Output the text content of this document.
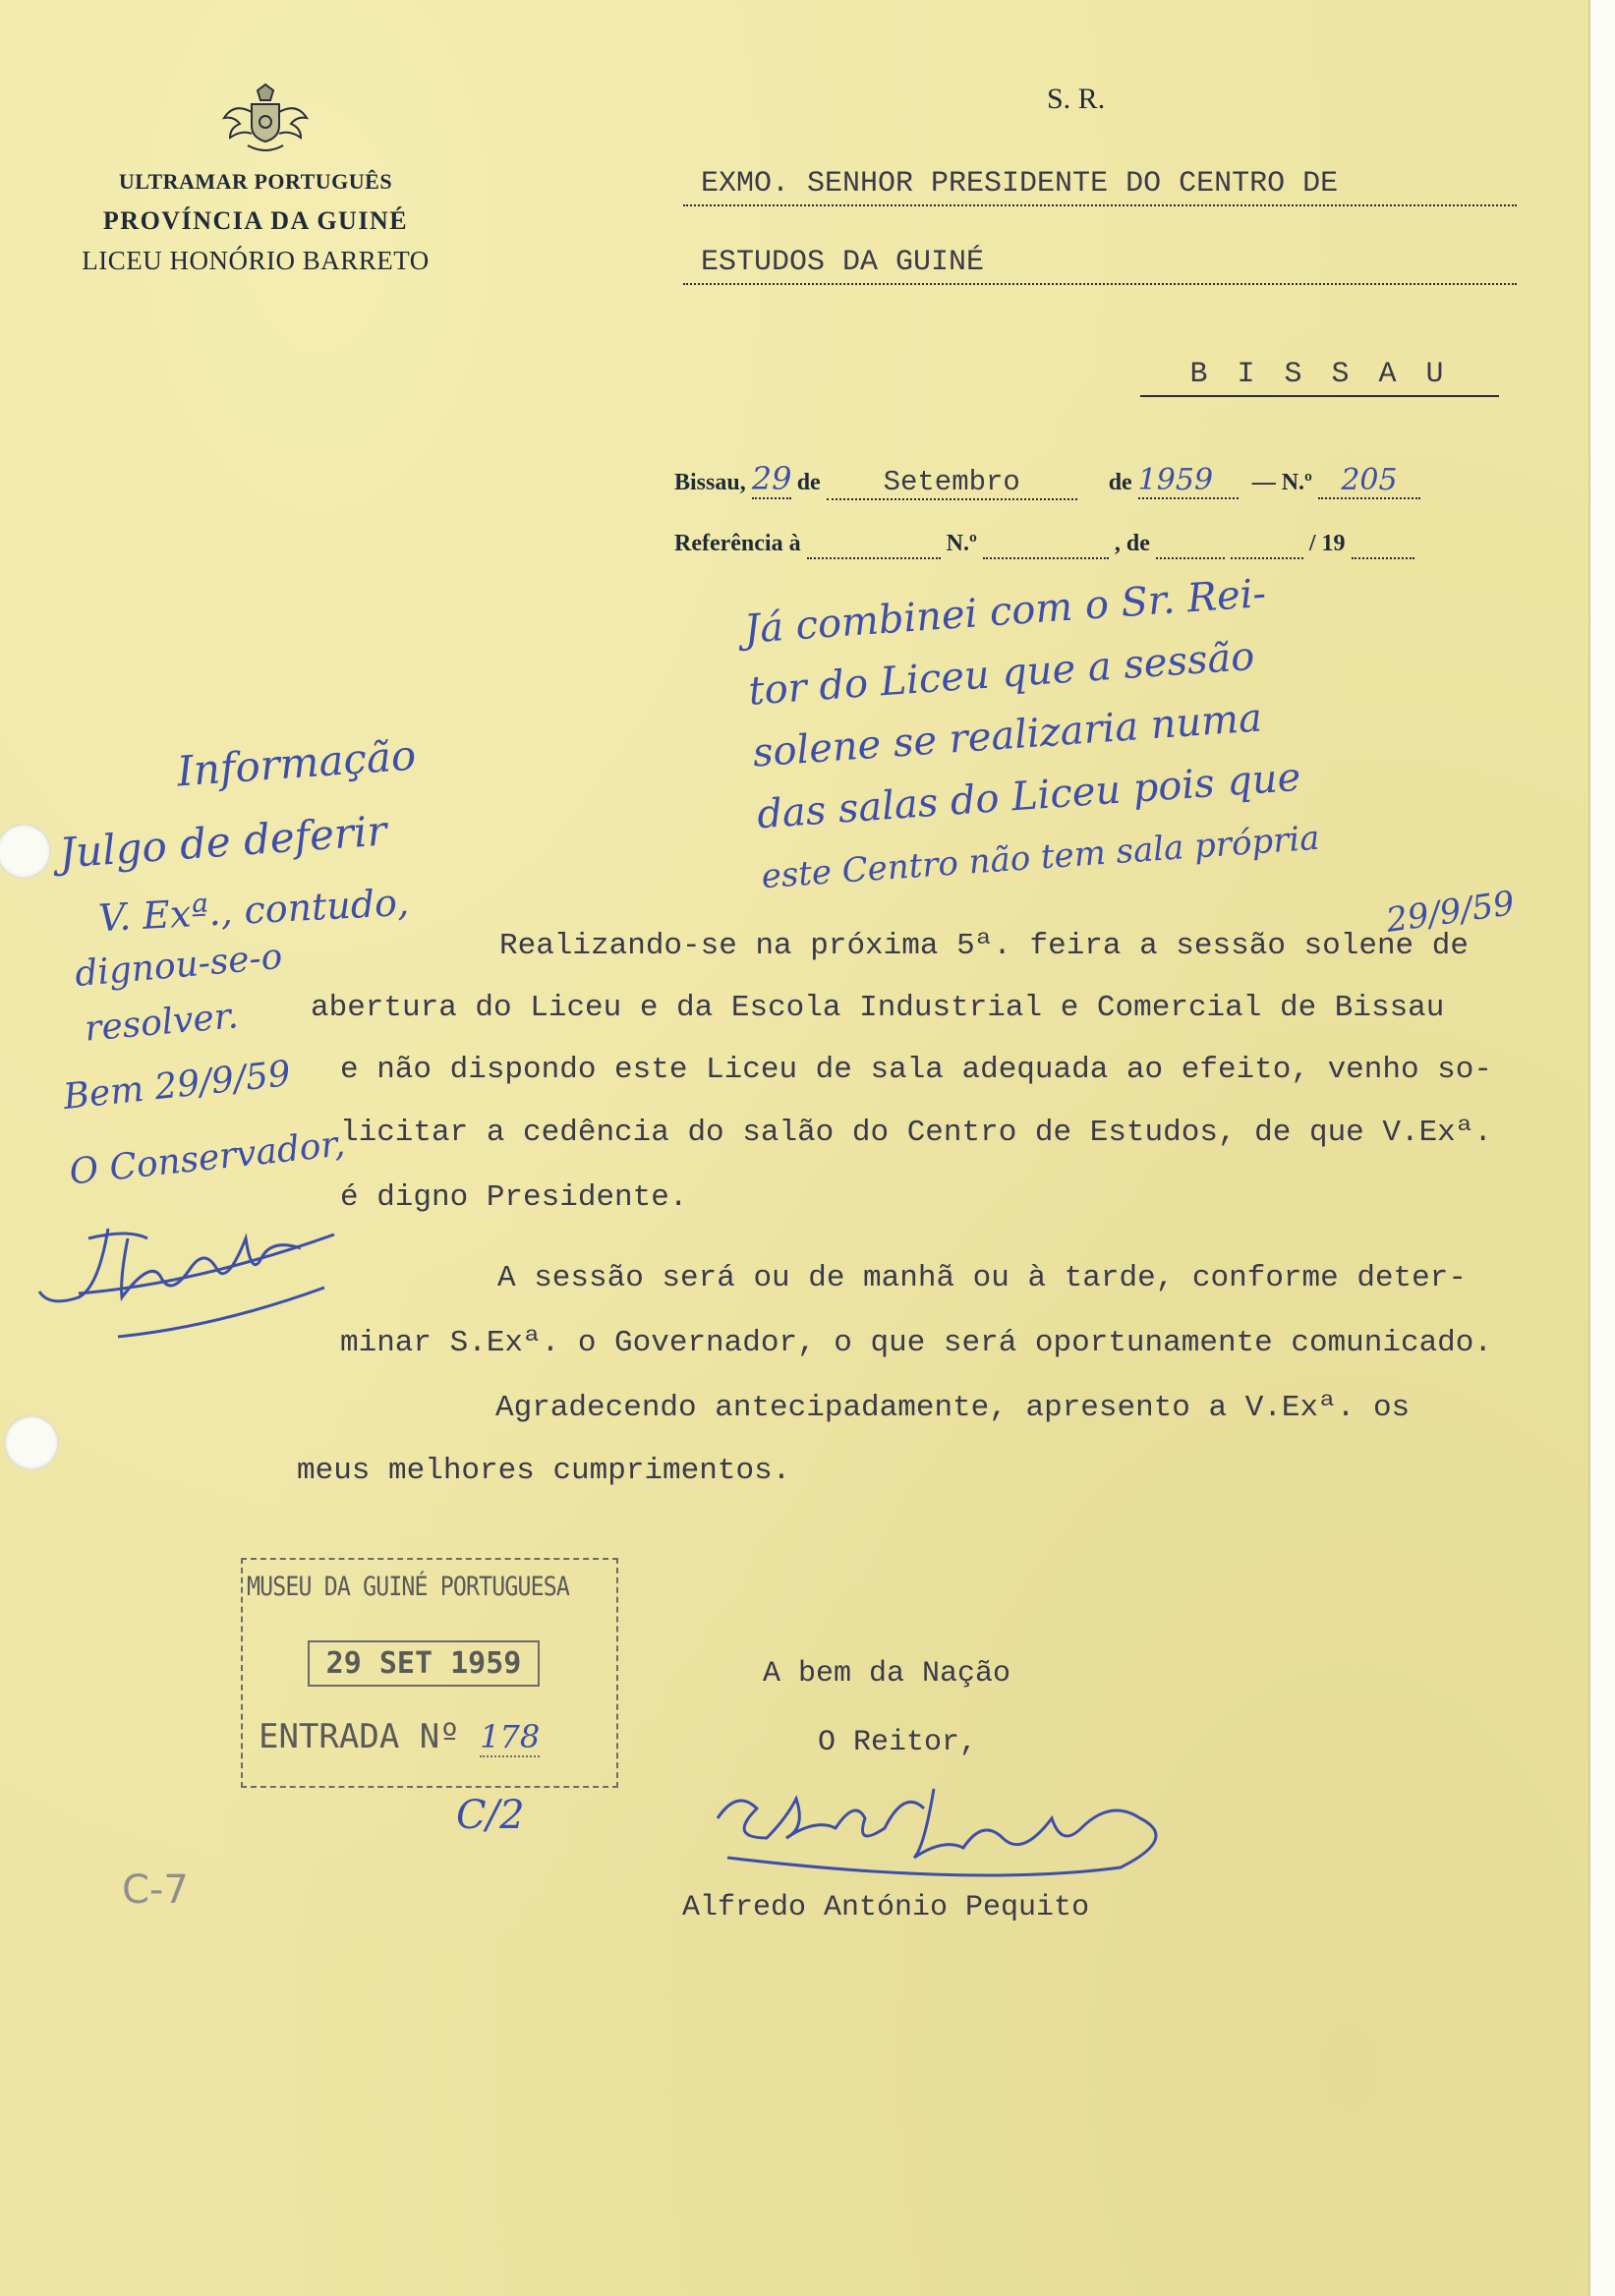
ULTRAMAR PORTUGUÊS
PROVÍNCIA DA GUINÉ
LICEU HONÓRIO BARRETO
S. R.
EXMO. SENHOR PRESIDENTE DO CENTRO DE
ESTUDOS DA GUINÉ
B I S S A U
Bissau, 29 de Setembro	de 1959 — N.º 205
Referência à	N.º	, de	/ 19
Já combinei com o Sr. Rei-
tor do Liceu que a sessão
solene se realizaria numa
das salas do Liceu pois que
este Centro não tem sala própria
29/9/59
Informação
Julgo de deferir
V. Exª., contudo,
dignou-se-o
resolver.
Bem 29/9/59
O Conservador,
Realizando-se na próxima 5ª. feira a sessão solene de
abertura do Liceu e da Escola Industrial e Comercial de Bissau
e não dispondo este Liceu de sala adequada ao efeito, venho so-
licitar a cedência do salão do Centro de Estudos, de que V.Exª.
é digno Presidente.
A sessão será ou de manhã ou à tarde, conforme deter-
minar S.Exª. o Governador, o que será oportunamente comunicado.
Agradecendo antecipadamente, apresento a V.Exª. os
meus melhores cumprimentos.
MUSEU DA GUINÉ PORTUGUESA
29 SET 1959
ENTRADA Nº 178
C/2
C-7
A bem da Nação
O Reitor,
Alfredo António Pequito
